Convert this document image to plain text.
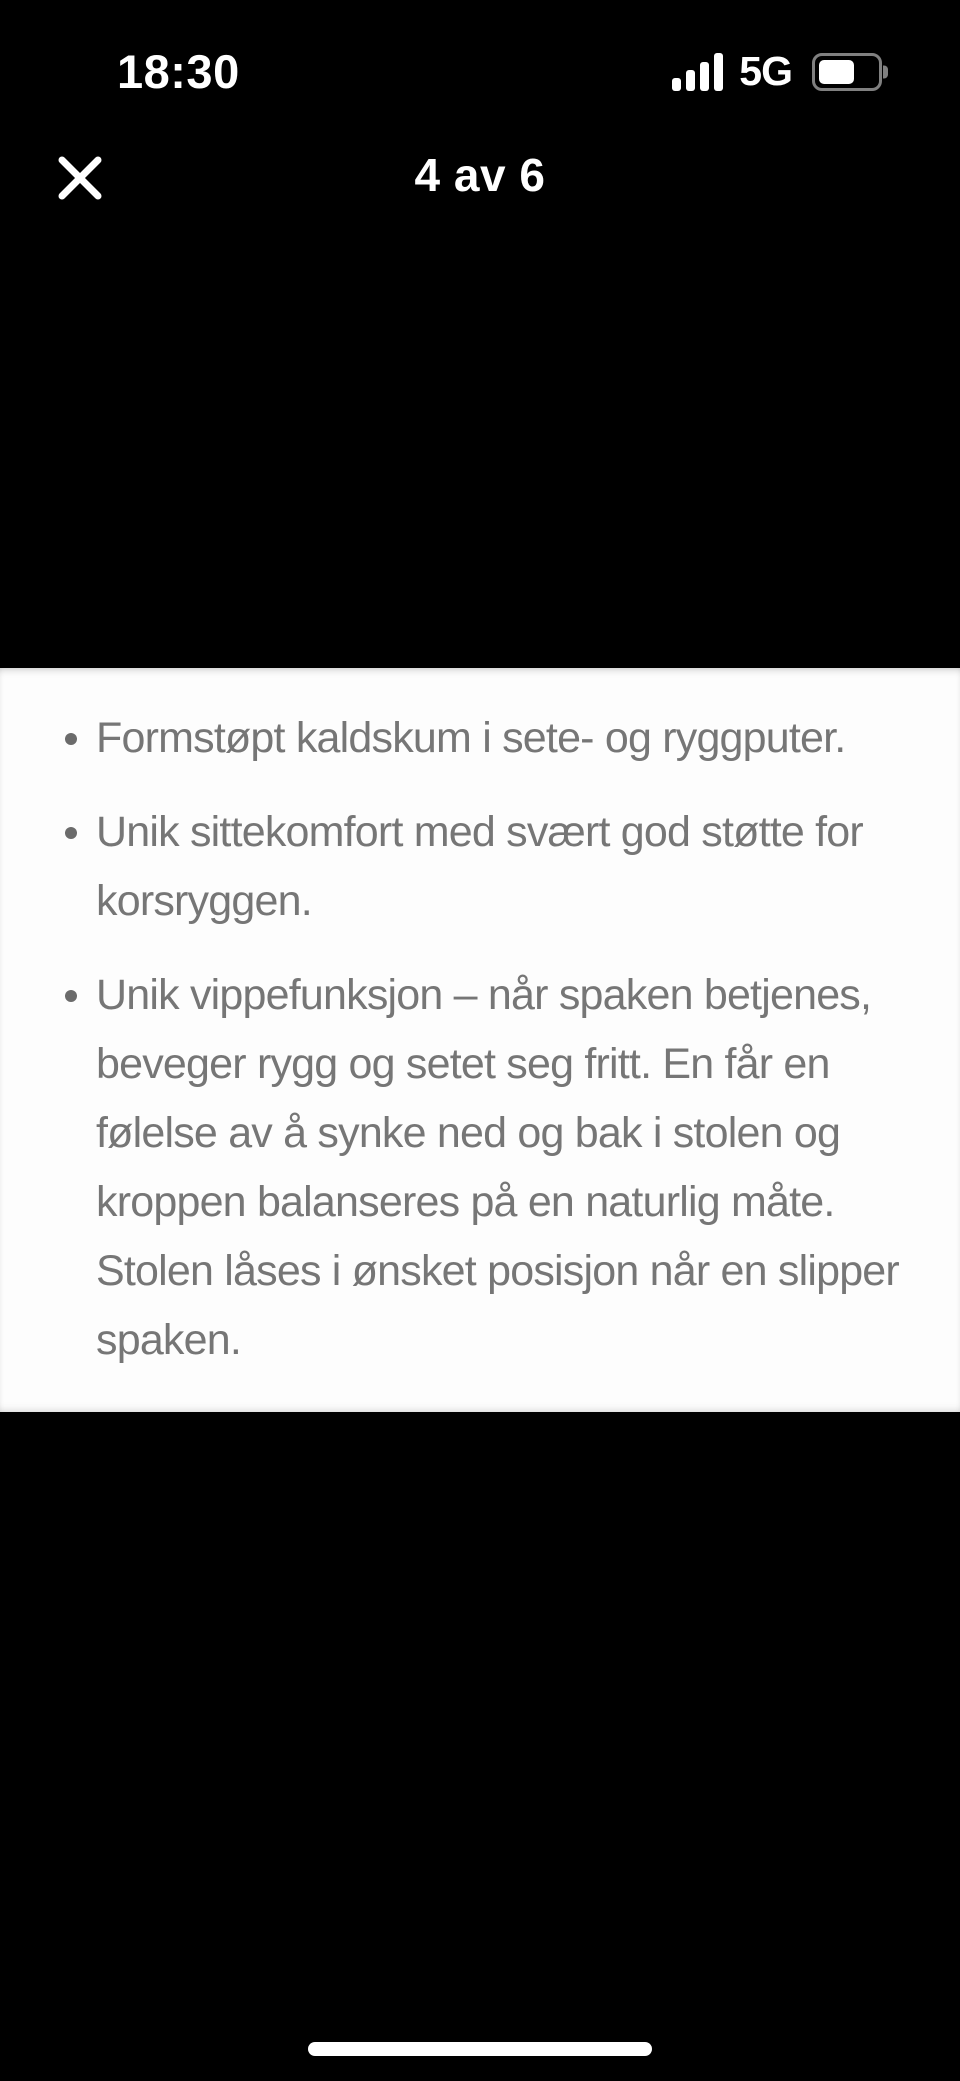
18:30	5G
4 av 6
Formstøpt kaldskum i sete- og ryggputer.
Unik sittekomfort med svært god støtte for korsryggen.
Unik vippefunksjon – når spaken betjenes, beveger rygg og setet seg fritt. En får en følelse av å synke ned og bak i stolen og kroppen balanseres på en naturlig måte. Stolen låses i ønsket posisjon når en slipper spaken.
